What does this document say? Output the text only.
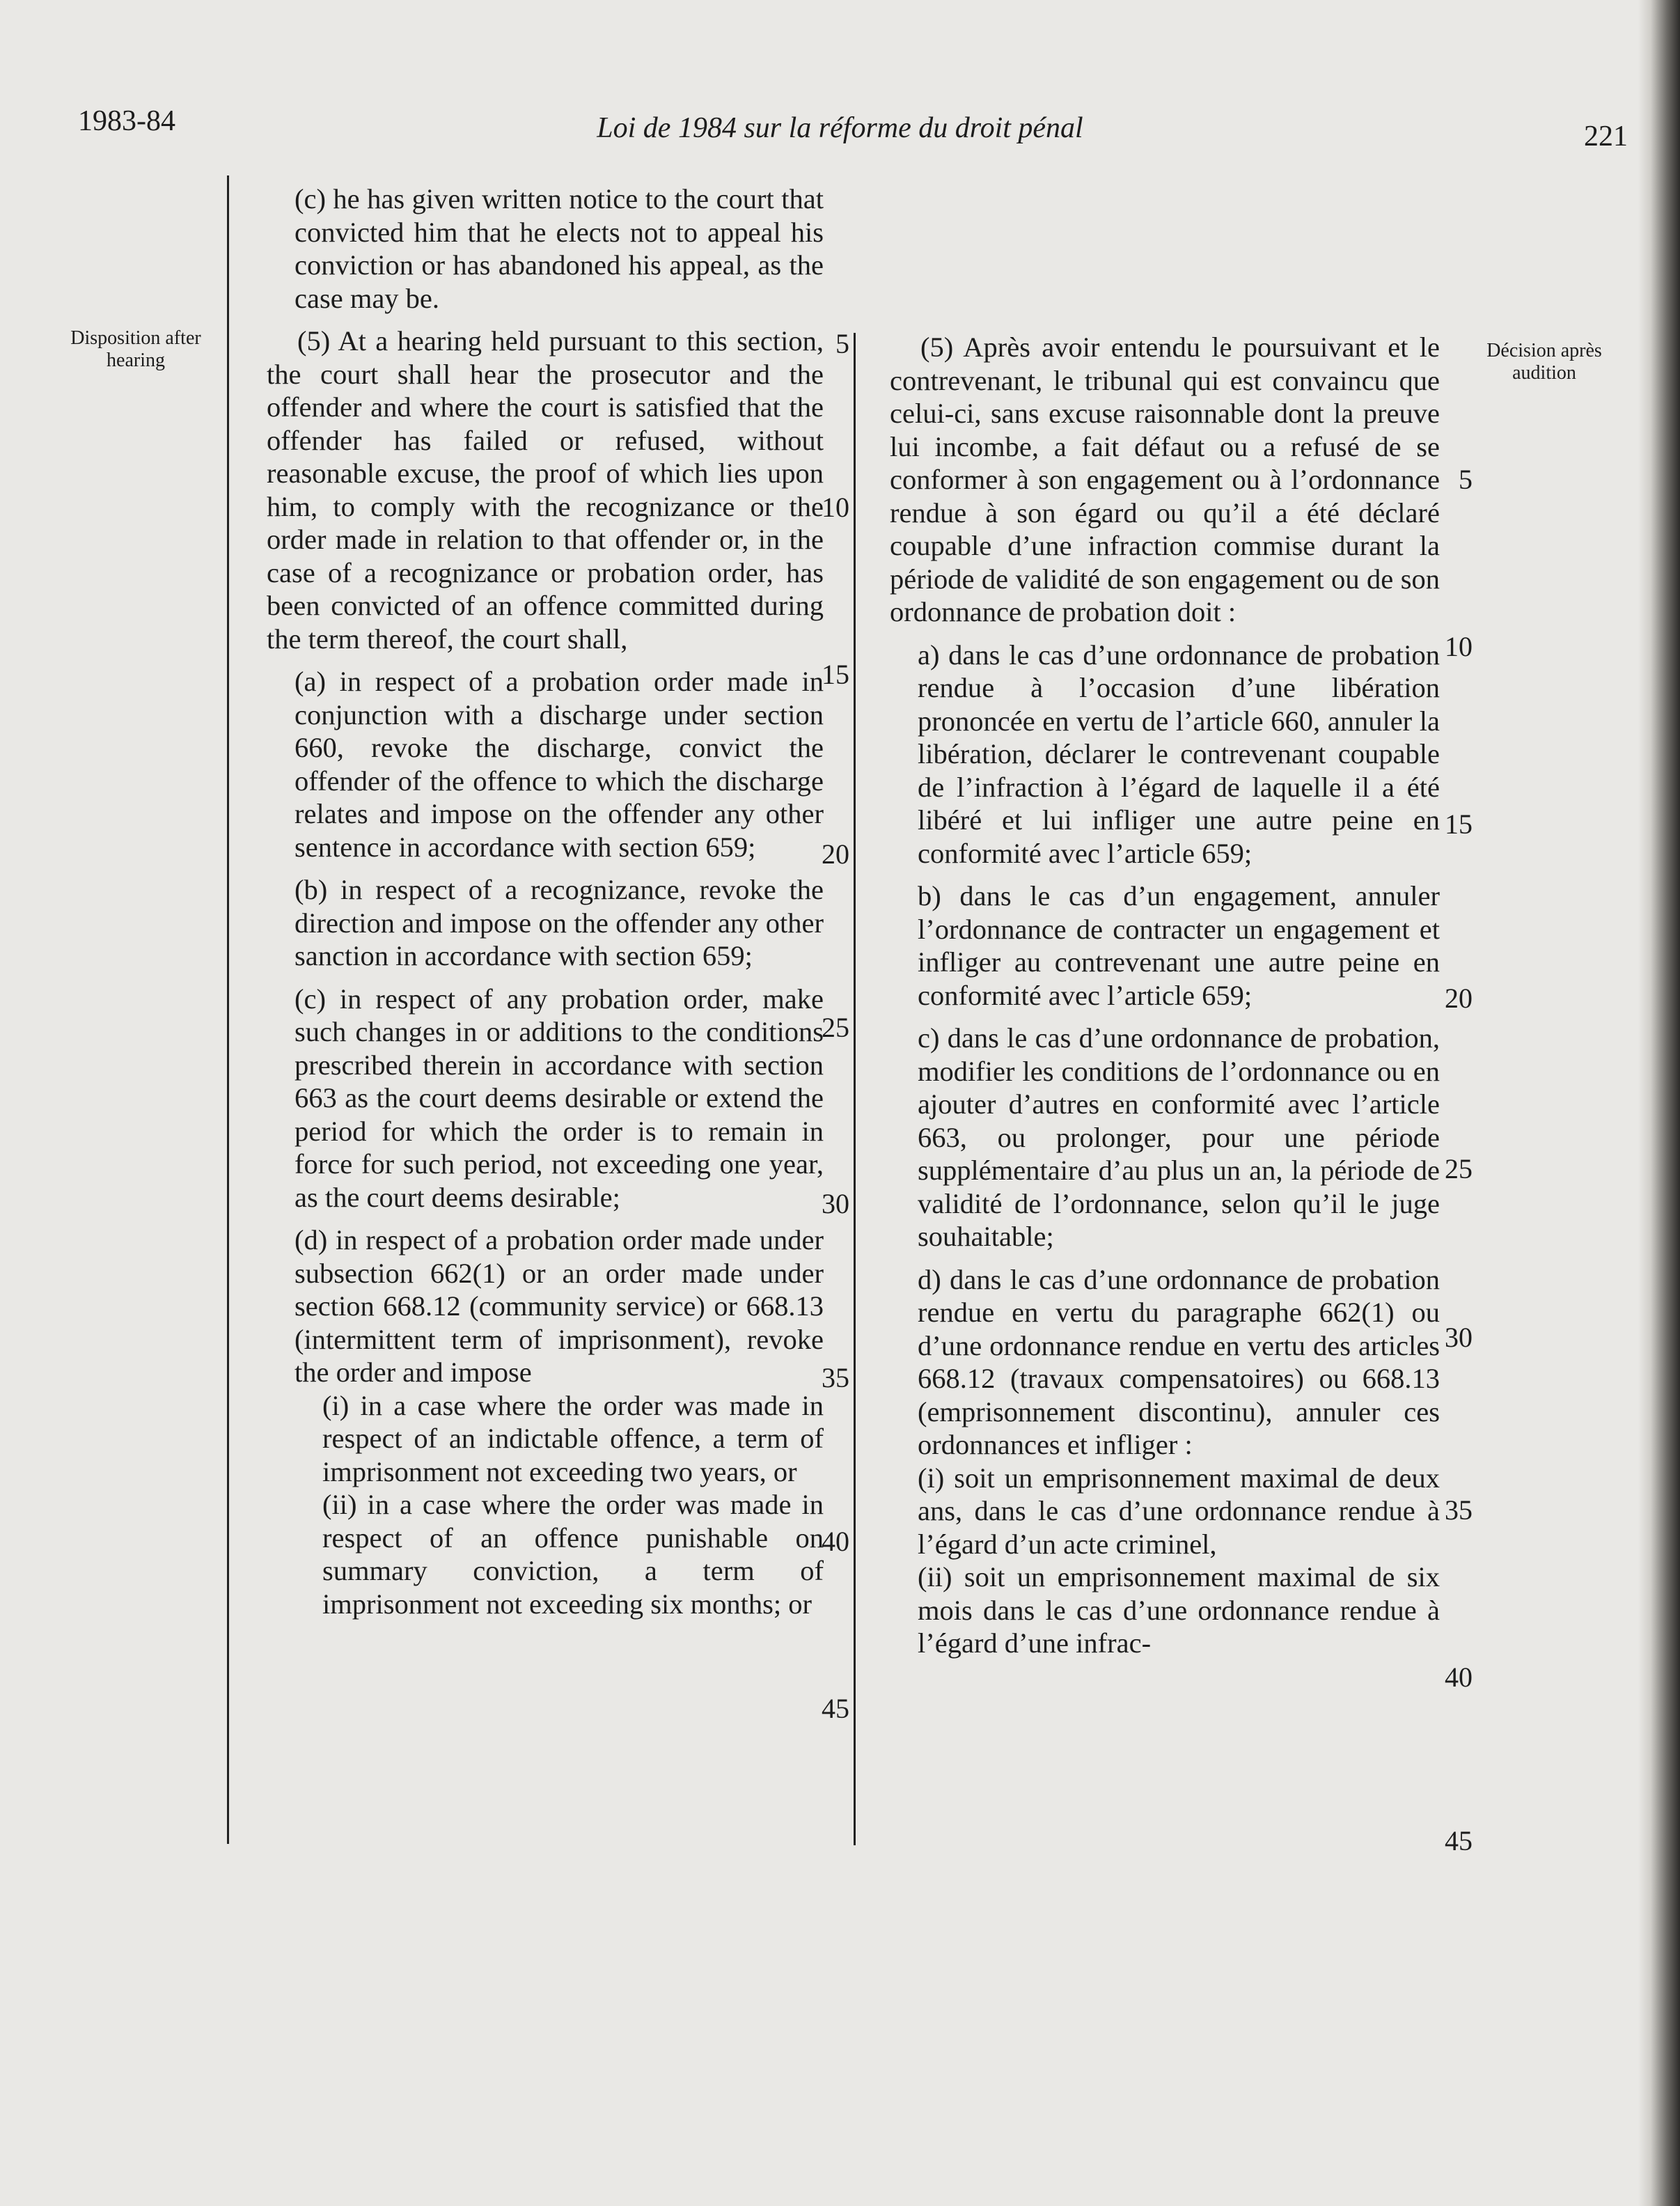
1983-84	Loi de 1984 sur la réforme du droit pénal	221
Disposition after hearing	Décision après audition

(c) he has given written notice to the court that convicted him that he elects not to appeal his conviction or has abandoned his appeal, as the case may be.

(5) At a hearing held pursuant to this section, the court shall hear the prosecutor and the offender and where the court is satisfied that the offender has failed or refused, without reasonable excuse, the proof of which lies upon him, to comply with the recognizance or the order made in relation to that offender or, in the case of a recognizance or probation order, has been convicted of an offence committed during the term thereof, the court shall,

(a) in respect of a probation order made in conjunction with a discharge under section 660, revoke the discharge, convict the offender of the offence to which the discharge relates and impose on the offender any other sentence in accordance with section 659;

(b) in respect of a recognizance, revoke the direction and impose on the offender any other sanction in accordance with section 659;

(c) in respect of any probation order, make such changes in or additions to the conditions prescribed therein in accordance with section 663 as the court deems desirable or extend the period for which the order is to remain in force for such period, not exceeding one year, as the court deems desirable;

(d) in respect of a probation order made under subsection 662(1) or an order made under section 668.12 (community service) or 668.13 (intermittent term of imprisonment), revoke the order and impose

(i) in a case where the order was made in respect of an indictable offence, a term of imprisonment not exceeding two years, or

(ii) in a case where the order was made in respect of an offence punishable on summary conviction, a term of imprisonment not exceeding six months; or

(5) Après avoir entendu le poursuivant et le contrevenant, le tribunal qui est convaincu que celui-ci, sans excuse raisonnable dont la preuve lui incombe, a fait défaut ou a refusé de se conformer à son engagement ou à l’ordonnance rendue à son égard ou qu’il a été déclaré coupable d’une infraction commise durant la période de validité de son engagement ou de son ordonnance de probation doit :

a) dans le cas d’une ordonnance de probation rendue à l’occasion d’une libération prononcée en vertu de l’article 660, annuler la libération, déclarer le contrevenant coupable de l’infraction à l’égard de laquelle il a été libéré et lui infliger une autre peine en conformité avec l’article 659;

b) dans le cas d’un engagement, annuler l’ordonnance de contracter un engagement et infliger au contrevenant une autre peine en conformité avec l’article 659;

c) dans le cas d’une ordonnance de probation, modifier les conditions de l’ordonnance ou en ajouter d’autres en conformité avec l’article 663, ou prolonger, pour une période supplémentaire d’au plus un an, la période de validité de l’ordonnance, selon qu’il le juge souhaitable;

d) dans le cas d’une ordonnance de probation rendue en vertu du paragraphe 662(1) ou d’une ordonnance rendue en vertu des articles 668.12 (travaux compensatoires) ou 668.13 (emprisonnement discontinu), annuler ces ordonnances et infliger :

(i) soit un emprisonnement maximal de deux ans, dans le cas d’une ordonnance rendue à l’égard d’un acte criminel,

(ii) soit un emprisonnement maximal de six mois dans le cas d’une ordonnance rendue à l’égard d’une infrac-

5
10
15
20
25
30
35
40
45
5
10
15
20
25
30
35
40
45
